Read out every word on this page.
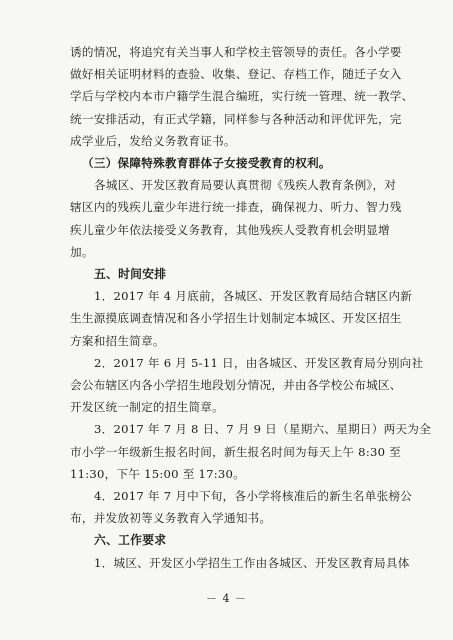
诱的情况，将追究有关当事人和学校主管领导的责任。各小学要
做好相关证明材料的查验、收集、登记、存档工作，随迁子女入
学后与学校内本市户籍学生混合编班，实行统一管理、统一教学、
统一安排活动，有正式学籍，同样参与各种活动和评优评先，完
成学业后，发给义务教育证书。
（三）保障特殊教育群体子女接受教育的权利。
各城区、开发区教育局要认真贯彻《残疾人教育条例》，对
辖区内的残疾儿童少年进行统一排查，确保视力、听力、智力残
疾儿童少年依法接受义务教育，其他残疾人受教育机会明显增
加。
五、时间安排
1．2017 年 4 月底前，各城区、开发区教育局结合辖区内新
生生源摸底调查情况和各小学招生计划制定本城区、开发区招生
方案和招生简章。
2．2017 年 6 月 5-11 日，由各城区、开发区教育局分别向社
会公布辖区内各小学招生地段划分情况，并由各学校公布城区、
开发区统一制定的招生简章。
3．2017 年 7 月 8 日、7 月 9 日（星期六、星期日）两天为全
市小学一年级新生报名时间，新生报名时间为每天上午 8:30 至
11:30，下午 15:00 至 17:30。
4．2017 年 7 月中下旬，各小学将核准后的新生名单张榜公
布，并发放初等义务教育入学通知书。
六、工作要求
1．城区、开发区小学招生工作由各城区、开发区教育局具体
－ 4 －
